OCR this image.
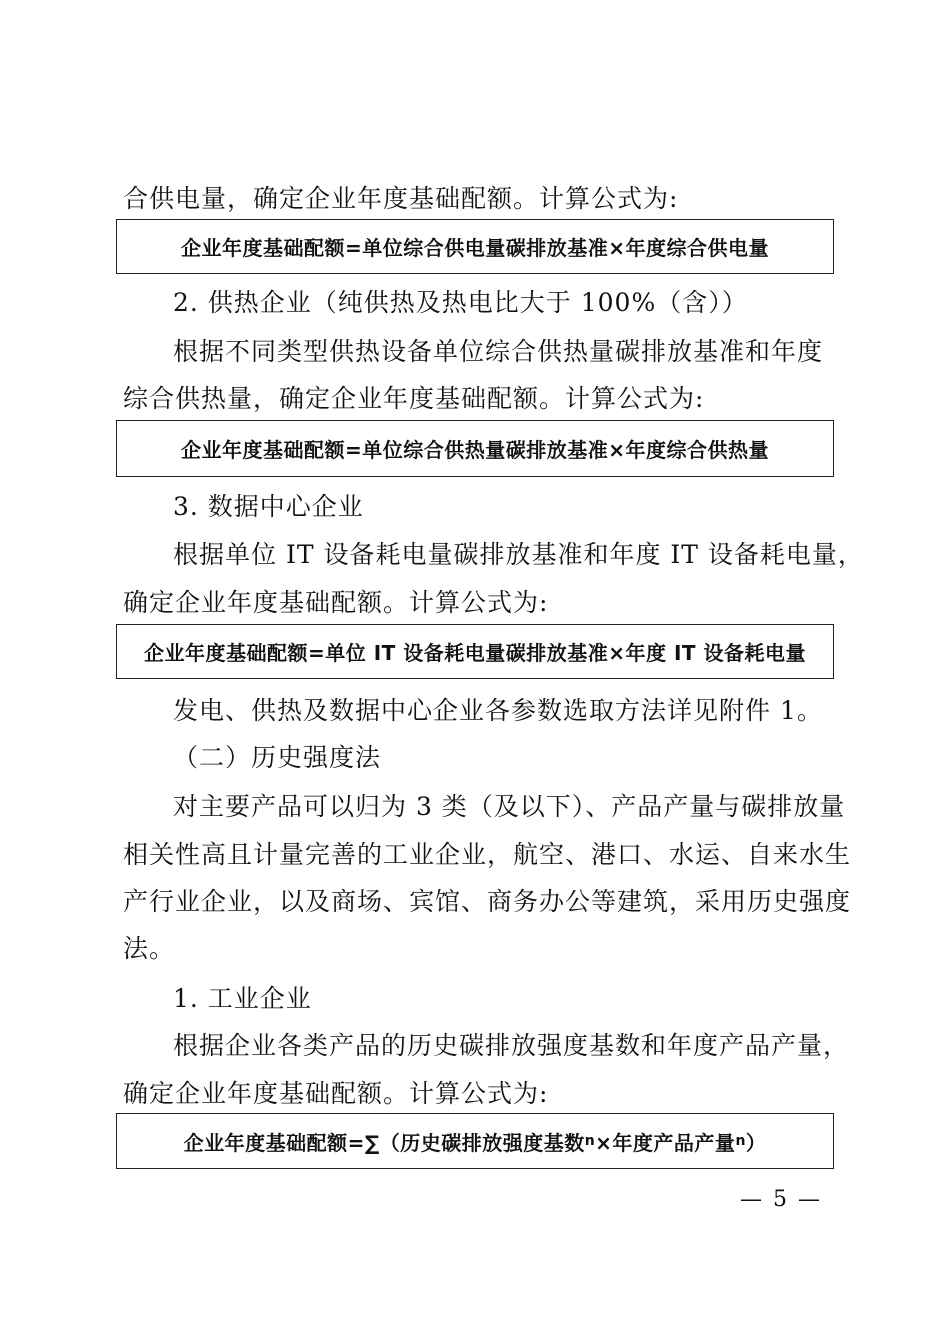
合供电量，确定企业年度基础配额。计算公式为:
企业年度基础配额=单位综合供电量碳排放基准×年度综合供电量
2. 供热企业（纯供热及热电比大于 100%（含））
根据不同类型供热设备单位综合供热量碳排放基准和年度
综合供热量，确定企业年度基础配额。计算公式为:
企业年度基础配额=单位综合供热量碳排放基准×年度综合供热量
3. 数据中心企业
根据单位 IT 设备耗电量碳排放基准和年度 IT 设备耗电量，
确定企业年度基础配额。计算公式为:
企业年度基础配额=单位 IT 设备耗电量碳排放基准×年度 IT 设备耗电量
发电、供热及数据中心企业各参数选取方法详见附件 1。
（二）历史强度法
对主要产品可以归为 3 类（及以下）、产品产量与碳排放量
相关性高且计量完善的工业企业，航空、港口、水运、自来水生
产行业企业，以及商场、宾馆、商务办公等建筑，采用历史强度
法。
1. 工业企业
根据企业各类产品的历史碳排放强度基数和年度产品产量，
确定企业年度基础配额。计算公式为:
企业年度基础配额=∑（历史碳排放强度基数 n ×年度产品产量 n ）
— 5 —
